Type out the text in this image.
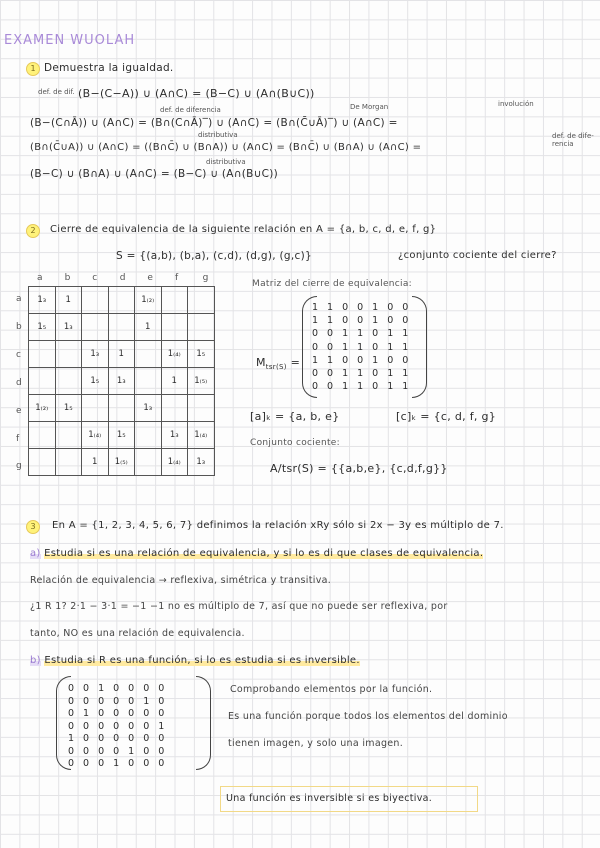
EXAMEN WUOLAH
1 Demuestra la igualdad.
def. de dif. (B−(C−A)) ∪ (A∩C) = (B−C) ∪ (A∩(B∪C))
def. de diferencia	De Morgan	involución
(B−(C∩Ā)) ∪ (A∩C) = (B∩(C∩Ā)‾) ∪ (A∩C) = (B∩(C̄∪Ā)‾) ∪ (A∩C) =
distributiva	def. de dife-rencia
(B∩(C̄∪A)) ∪ (A∩C) = ((B∩C̄) ∪ (B∩A)) ∪ (A∩C) = (B∩C̄) ∪ (B∩A) ∪ (A∩C) =
distributiva
(B−C) ∪ (B∩A) ∪ (A∩C) = (B−C) ∪ (A∩(B∪C))
2	Cierre de equivalencia de la siguiente relación en A = {a, b, c, d, e, f, g}
S = {(a,b), (b,a), (c,d), (d,g), (g,c)}	¿conjunto cociente del cierre?
a b c d e f	g
a
b
c
d
e
f
g
1₃	1			1₍₂₎		
1₅	1₃			1		
		1₃	1		1₍₄₎	1₅
		1₅	1₃		1	1₍₅₎
1₍₂₎	1₅			1₃		
		1₍₄₎	1₅		1₃	1₍₄₎
		1	1₍₅₎		1₍₄₎	1₃
Matriz del cierre de equivalencia:
$M_{tsr(S)}$ =
1100100
1100100
0011011
0011011
1100100
0011011
0011011
[a]ₖ = {a, b, e}	[c]ₖ = {c, d, f, g}
Conjunto cociente:
A/tsr(S) = {{a,b,e}, {c,d,f,g}}
3	En A = {1, 2, 3, 4, 5, 6, 7} definimos la relación xRy sólo si 2x − 3y es múltiplo de 7.
a) Estudia si es una relación de equivalencia, y si lo es di que clases de equivalencia.
Relación de equivalencia → reflexiva, simétrica y transitiva.
¿1 R 1? 2·1 − 3·1 = −1 −1 no es múltiplo de 7, así que no puede ser reflexiva, por
tanto, NO es una relación de equivalencia.
b) Estudia si R es una función, si lo es estudia si es inversible.
0010000
0000010
0100000
0000001
1000000
0000100
0001000
Comprobando elementos por la función.
Es una función porque todos los elementos del dominio
tienen imagen, y solo una imagen.
Una función es inversible si es biyectiva.
